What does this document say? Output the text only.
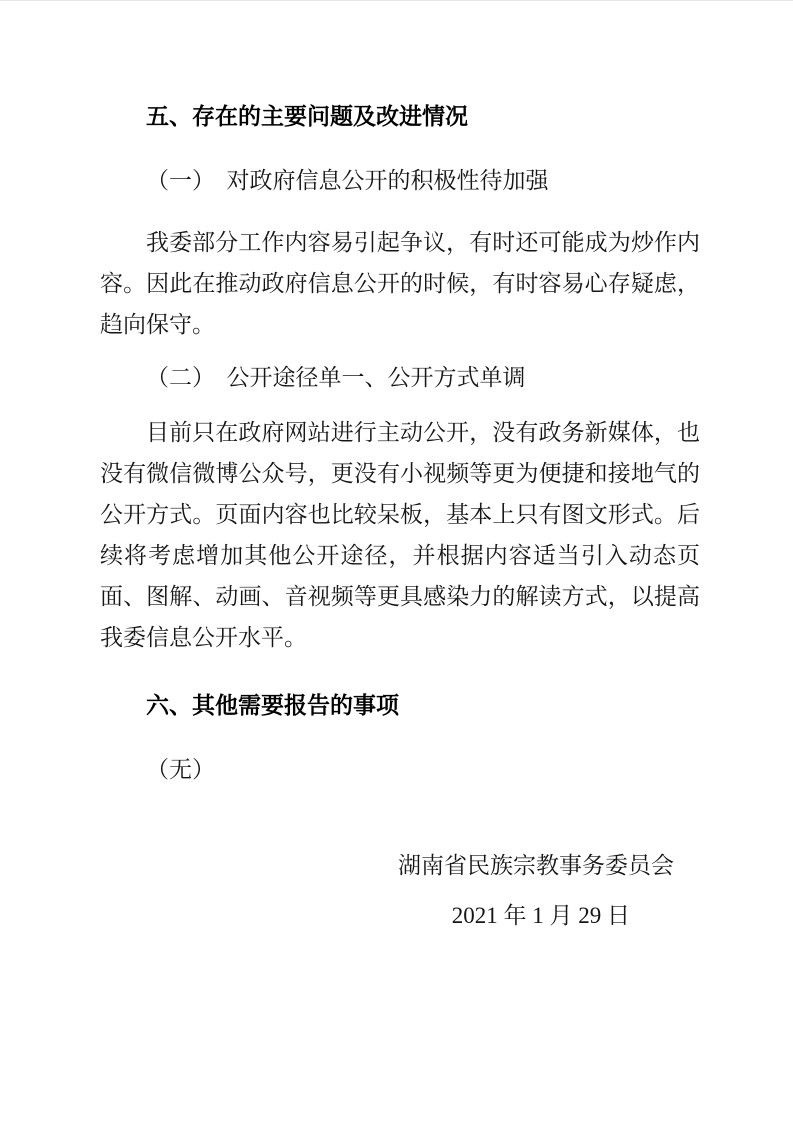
五、存在的主要问题及改进情况
（一）　对政府信息公开的积极性待加强

我委部分工作内容易引起争议，有时还可能成为炒作内容。因此在推动政府信息公开的时候，有时容易心存疑虑，趋向保守。

（二）　公开途径单一、公开方式单调

目前只在政府网站进行主动公开，没有政务新媒体，也没有微信微博公众号，更没有小视频等更为便捷和接地气的公开方式。页面内容也比较呆板，基本上只有图文形式。后续将考虑增加其他公开途径，并根据内容适当引入动态页面、图解、动画、音视频等更具感染力的解读方式，以提高我委信息公开水平。

六、其他需要报告的事项

（无）

湖南省民族宗教事务委员会

2021 年 1 月 29 日
